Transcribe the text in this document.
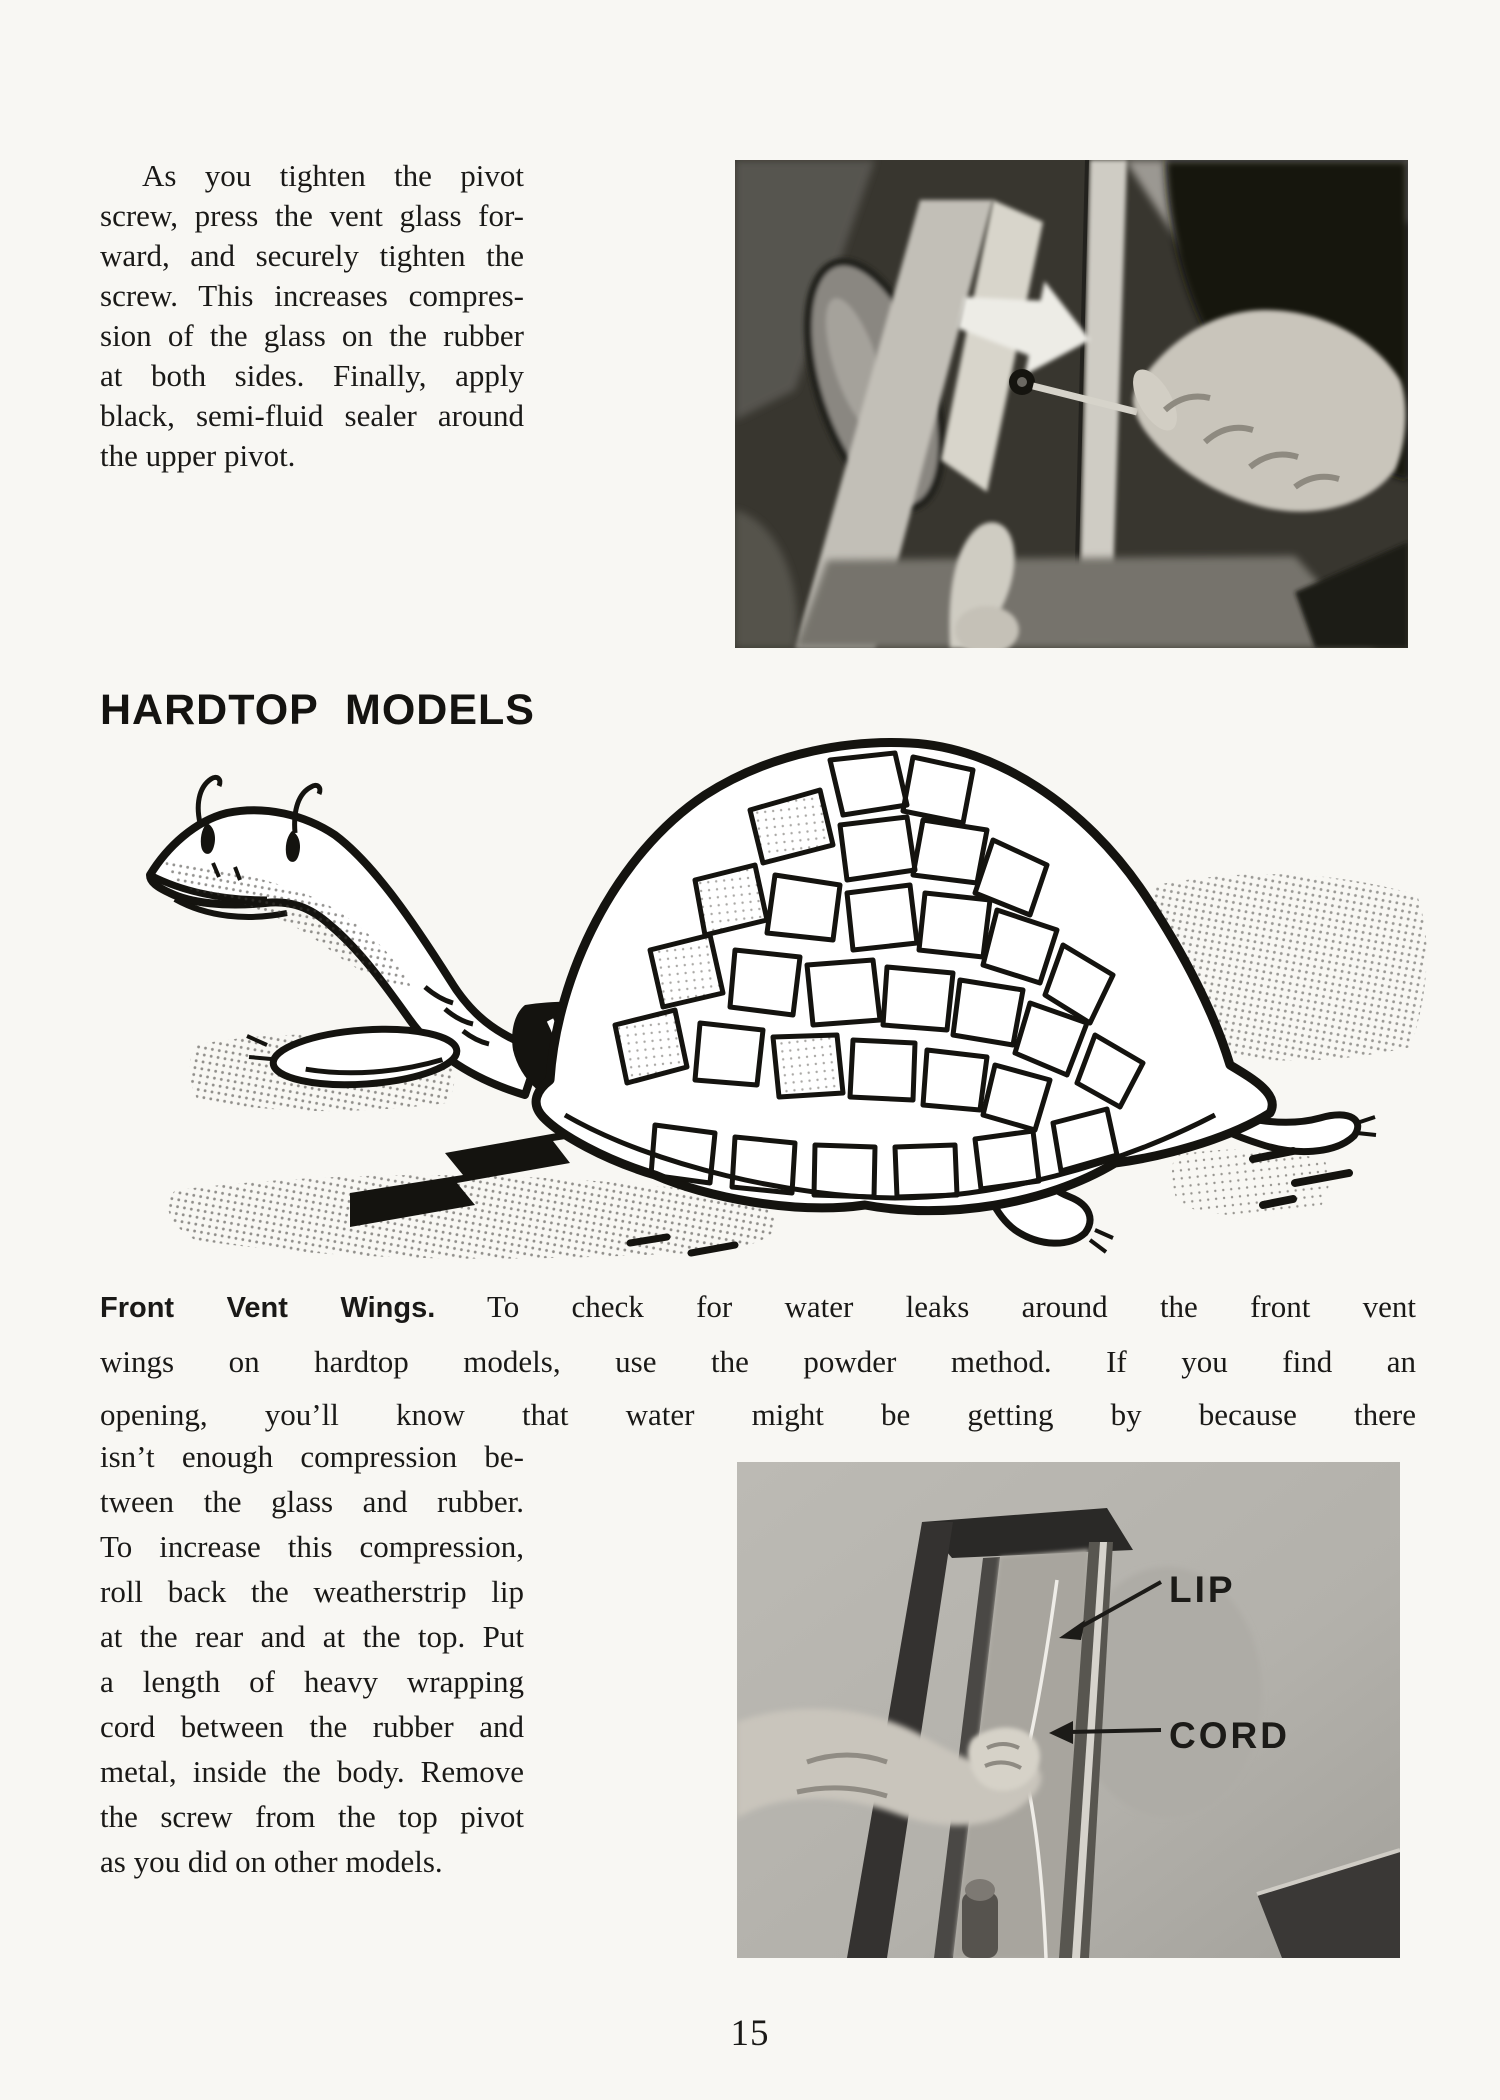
As you tighten the pivot
screw, press the vent glass for-
ward, and securely tighten the
screw. This increases compres-
sion of the glass on the rubber
at both sides. Finally, apply
black, semi-fluid sealer around
the upper pivot.
HARDTOP MODELS
Front Vent Wings. To check for water leaks around the front vent
wings on hardtop models, use the powder method. If you find an
opening, you’ll know that water might be getting by because there
isn’t enough compression be-
tween the glass and rubber.
To increase this compression,
roll back the weatherstrip lip
at the rear and at the top. Put
a length of heavy wrapping
cord between the rubber and
metal, inside the body. Remove
the screw from the top pivot
as you did on other models.
LIP
CORD
15
